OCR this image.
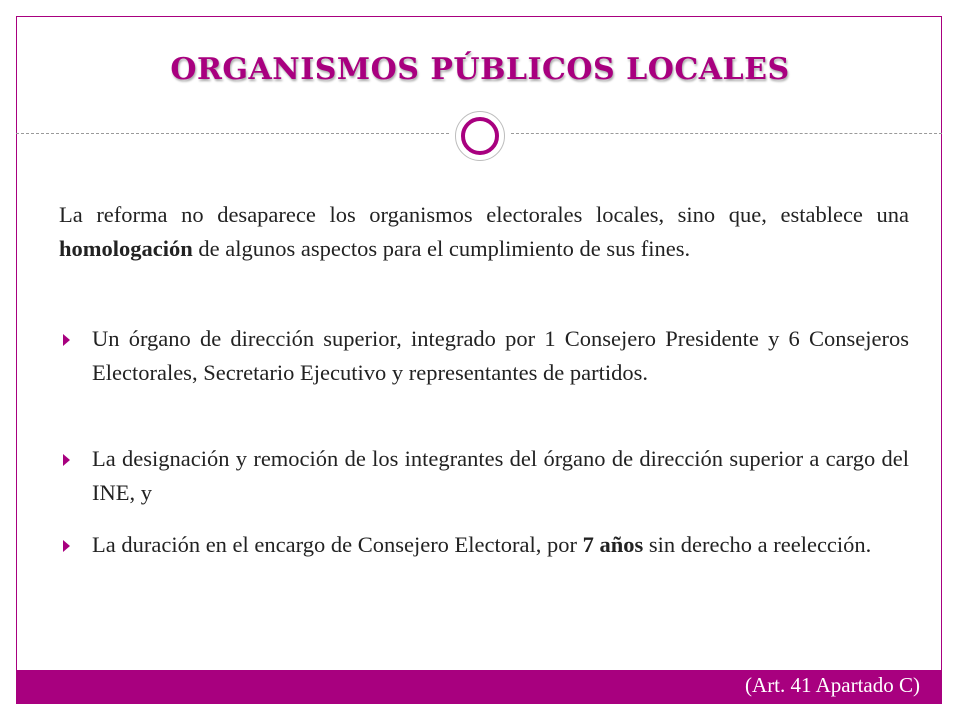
ORGANISMOS PÚBLICOS LOCALES
La reforma no desaparece los organismos electorales locales, sino que, establece una homologación de algunos aspectos para el cumplimiento de sus fines.
Un órgano de dirección superior, integrado por 1 Consejero Presidente y 6 Consejeros Electorales, Secretario Ejecutivo y representantes de partidos.
La designación y remoción de los integrantes del órgano de dirección superior a cargo del INE, y
La duración en el encargo de Consejero Electoral, por 7 años sin derecho a reelección.
(Art. 41 Apartado C)
